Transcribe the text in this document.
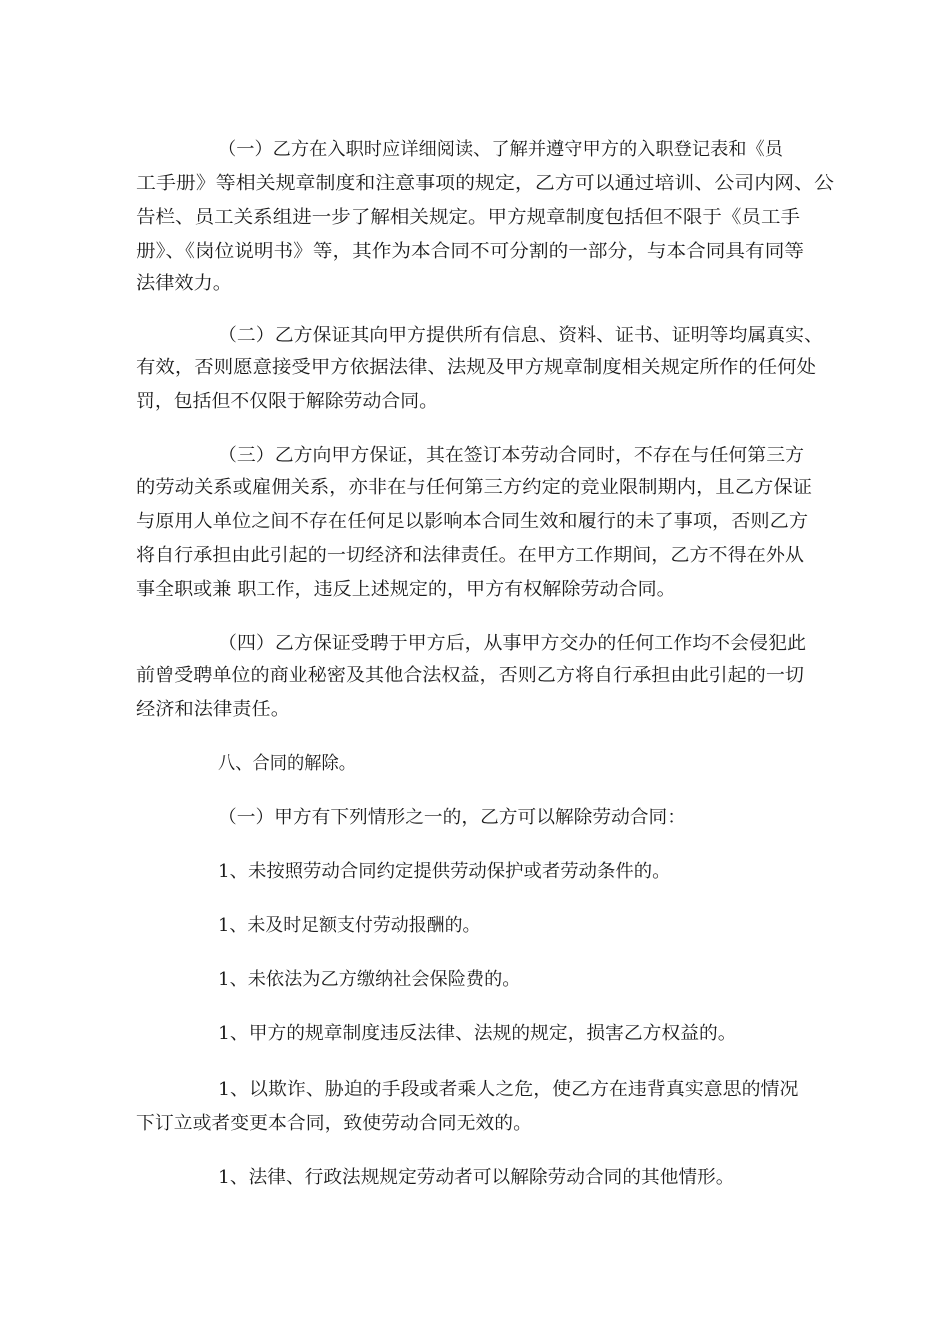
（一）乙方在入职时应详细阅读、了解并遵守甲方的入职登记表和《员
工手册》等相关规章制度和注意事项的规定，乙方可以通过培训、公司内网、公
告栏、员工关系组进一步了解相关规定。甲方规章制度包括但不限于《员工手
册》、《岗位说明书》等，其作为本合同不可分割的一部分，与本合同具有同等
法律效力。
（二）乙方保证其向甲方提供所有信息、资料、证书、证明等均属真实、
有效，否则愿意接受甲方依据法律、法规及甲方规章制度相关规定所作的任何处
罚，包括但不仅限于解除劳动合同。
（三）乙方向甲方保证，其在签订本劳动合同时，不存在与任何第三方
的劳动关系或雇佣关系，亦非在与任何第三方约定的竞业限制期内，且乙方保证
与原用人单位之间不存在任何足以影响本合同生效和履行的未了事项，否则乙方
将自行承担由此引起的一切经济和法律责任。在甲方工作期间，乙方不得在外从
事全职或兼 职工作，违反上述规定的，甲方有权解除劳动合同。
（四）乙方保证受聘于甲方后，从事甲方交办的任何工作均不会侵犯此
前曾受聘单位的商业秘密及其他合法权益，否则乙方将自行承担由此引起的一切
经济和法律责任。
八、合同的解除。
（一）甲方有下列情形之一的，乙方可以解除劳动合同：
1、未按照劳动合同约定提供劳动保护或者劳动条件的。
1、未及时足额支付劳动报酬的。
1、未依法为乙方缴纳社会保险费的。
1、甲方的规章制度违反法律、法规的规定，损害乙方权益的。
1、以欺诈、胁迫的手段或者乘人之危，使乙方在违背真实意思的情况
下订立或者变更本合同，致使劳动合同无效的。
1、法律、行政法规规定劳动者可以解除劳动合同的其他情形。
